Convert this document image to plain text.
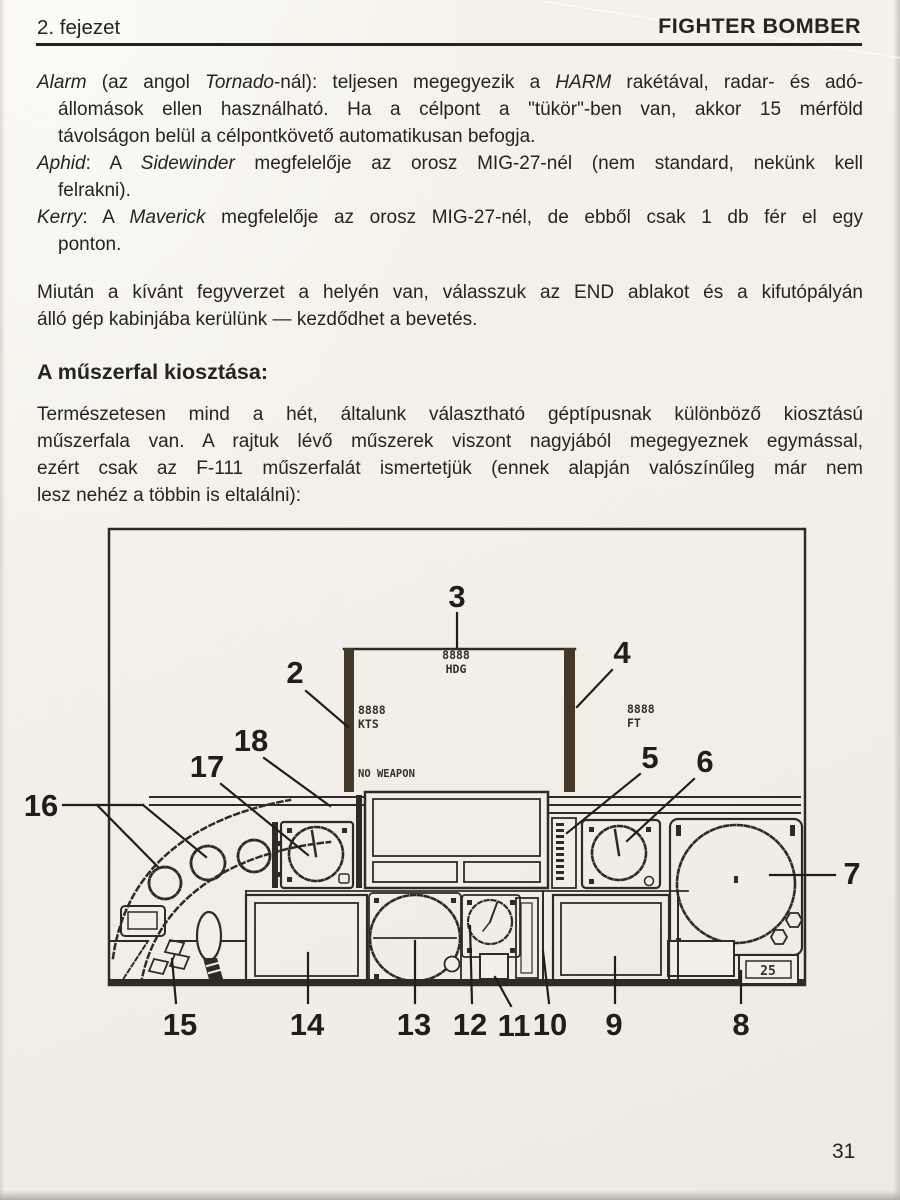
2. fejezet	FIGHTER BOMBER
Alarm (az angol Tornado-nál): teljesen megegyezik a HARM rakétával, radar- és adó-
állomások ellen használható. Ha a célpont a "tükör"-ben van, akkor 15 mérföld
távolságon belül a célpontkövető automatikusan befogja.
Aphid: A Sidewinder megfelelője az orosz MIG-27-nél (nem standard, nekünk kell
felrakni).
Kerry: A Maverick megfelelője az orosz MIG-27-nél, de ebből csak 1 db fér el egy
ponton.
Miután a kívánt fegyverzet a helyén van, válasszuk az END ablakot és a kifutópályán
álló gép kabinjába kerülünk — kezdődhet a bevetés.
A műszerfal kiosztása:
Természetesen mind a hét, általunk választható géptípusnak különböző kiosztású
műszerfala van. A rajtuk lévő műszerek viszont nagyjából megegyeznek egymással,
ezért csak az F-111 műszerfalát ismertetjük (ennek alapján valószínűleg már nem
lesz nehéz a többin is eltalálni):
8888
HDG
8888
KTS
8888
FT
NO WEAPON
25
2
3
4
5 6
7
8
9
10
11
12
13
14
15
16
17
18
31
